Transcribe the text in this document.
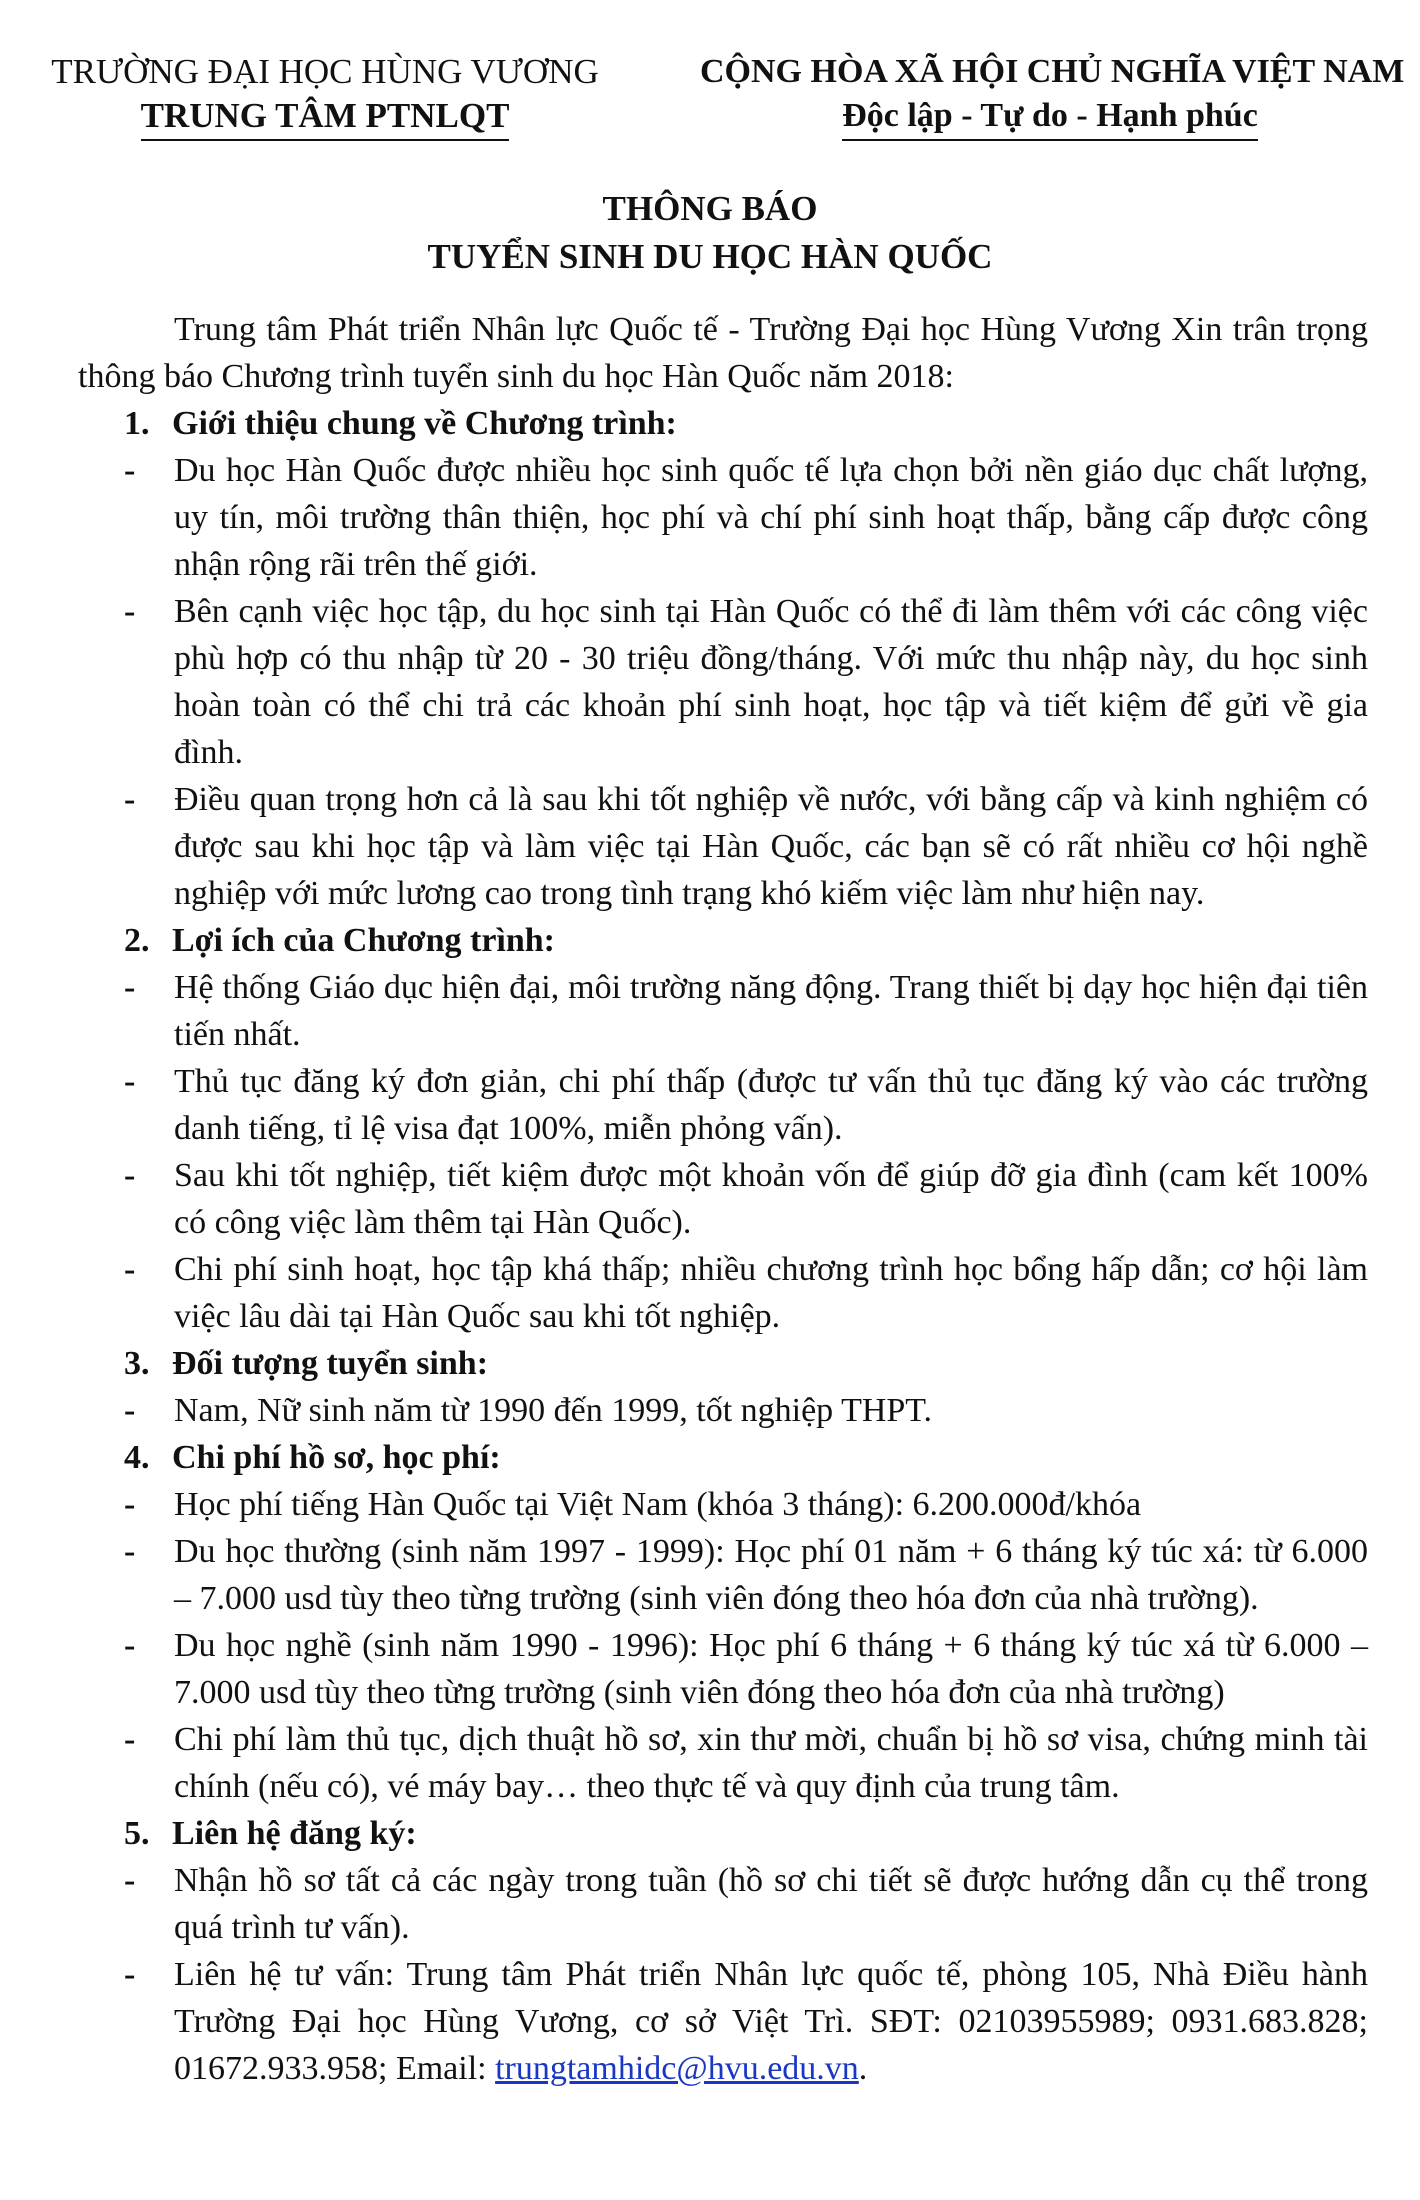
TRƯỜNG ĐẠI HỌC HÙNG VƯƠNG
TRUNG TÂM PTNLQT
CỘNG HÒA XÃ HỘI CHỦ NGHĨA VIỆT NAM
Độc lập - Tự do - Hạnh phúc
THÔNG BÁO
TUYỂN SINH DU HỌC HÀN QUỐC

Trung tâm Phát triển Nhân lực Quốc tế - Trường Đại học Hùng Vương Xin trân trọng thông báo Chương trình tuyển sinh du học Hàn Quốc năm 2018:

1. Giới thiệu chung về Chương trình:
-	Du học Hàn Quốc được nhiều học sinh quốc tế lựa chọn bởi nền giáo dục chất lượng, uy tín, môi trường thân thiện, học phí và chí phí sinh hoạt thấp, bằng cấp được công nhận rộng rãi trên thế giới.
-	Bên cạnh việc học tập, du học sinh tại Hàn Quốc có thể đi làm thêm với các công việc phù hợp có thu nhập từ 20 - 30 triệu đồng/tháng. Với mức thu nhập này, du học sinh hoàn toàn có thể chi trả các khoản phí sinh hoạt, học tập và tiết kiệm để gửi về gia đình.
-	Điều quan trọng hơn cả là sau khi tốt nghiệp về nước, với bằng cấp và kinh nghiệm có được sau khi học tập và làm việc tại Hàn Quốc, các bạn sẽ có rất nhiều cơ hội nghề nghiệp với mức lương cao trong tình trạng khó kiếm việc làm như hiện nay.
2. Lợi ích của Chương trình:
-	Hệ thống Giáo dục hiện đại, môi trường năng động. Trang thiết bị dạy học hiện đại tiên tiến nhất.
-	Thủ tục đăng ký đơn giản, chi phí thấp (được tư vấn thủ tục đăng ký vào các trường danh tiếng, tỉ lệ visa đạt 100%, miễn phỏng vấn).
-	Sau khi tốt nghiệp, tiết kiệm được một khoản vốn để giúp đỡ gia đình (cam kết 100% có công việc làm thêm tại Hàn Quốc).
-	Chi phí sinh hoạt, học tập khá thấp; nhiều chương trình học bổng hấp dẫn; cơ hội làm việc lâu dài tại Hàn Quốc sau khi tốt nghiệp.
3. Đối tượng tuyển sinh:
-	Nam, Nữ sinh năm từ 1990 đến 1999, tốt nghiệp THPT.
4. Chi phí hồ sơ, học phí:
-	Học phí tiếng Hàn Quốc tại Việt Nam (khóa 3 tháng): 6.200.000đ/khóa
-	Du học thường (sinh năm 1997 - 1999): Học phí 01 năm + 6 tháng ký túc xá: từ 6.000 – 7.000 usd tùy theo từng trường (sinh viên đóng theo hóa đơn của nhà trường).
-	Du học nghề (sinh năm 1990 - 1996): Học phí 6 tháng + 6 tháng ký túc xá từ 6.000 – 7.000 usd tùy theo từng trường (sinh viên đóng theo hóa đơn của nhà trường)
-	Chi phí làm thủ tục, dịch thuật hồ sơ, xin thư mời, chuẩn bị hồ sơ visa, chứng minh tài chính (nếu có), vé máy bay… theo thực tế và quy định của trung tâm.
5. Liên hệ đăng ký:
-	Nhận hồ sơ tất cả các ngày trong tuần (hồ sơ chi tiết sẽ được hướng dẫn cụ thể trong quá trình tư vấn).
-	Liên hệ tư vấn: Trung tâm Phát triển Nhân lực quốc tế, phòng 105, Nhà Điều hành Trường Đại học Hùng Vương, cơ sở Việt Trì. SĐT: 02103955989; 0931.683.828; 01672.933.958; Email: trungtamhidc@hvu.edu.vn.
